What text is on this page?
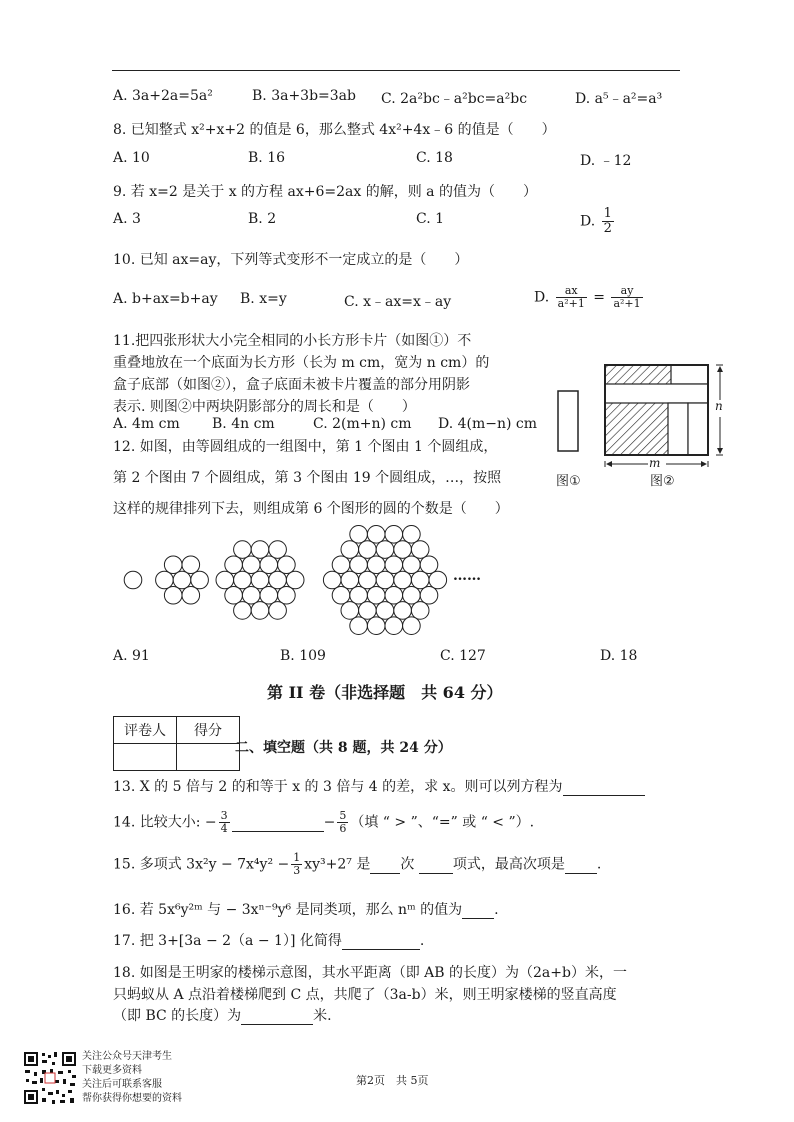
A. 3a+2a=5a²	B. 3a+3b=3ab C. 2a²bc﹣a²bc=a²bc	D. a⁵﹣a²=a³
8. 已知整式 x²+x+2 的值是 6，那么整式 4x²+4x﹣6 的值是（　　）
A. 10	B. 16	C. 18	D. ﹣12
9. 若 x=2 是关于 x 的方程 ax+6=2ax 的解，则 a 的值为（　　）
A. 3	B. 2	C. 1	D. $\frac{1}{2}$
10. 已知 ax=ay，下列等式变形不一定成立的是（　　）
A. b+ax=b+ay B. x=y	C. x﹣ax=x﹣ay	D. $\frac{ax}{\text{a²+1}} = \frac{ay}{\text{a²+1}}$
11.把四张形状大小完全相同的小长方形卡片（如图①）不
重叠地放在一个底面为长方形（长为 m cm，宽为 n cm）的
盒子底部（如图②），盒子底面未被卡片覆盖的部分用阴影
表示. 则图②中两块阴影部分的周长和是（　　）
A. 4m cm B. 4n cm	C. 2(m+n) cm D. 4(m−n) cm
n
m
图①	图②
12. 如图，由等圆组成的一组图中，第 1 个图由 1 个圆组成，
第 2 个图由 7 个圆组成，第 3 个图由 19 个圆组成，…，按照
这样的规律排列下去，则组成第 6 个图形的圆的个数是（　　）
……
A. 91	B. 109	C. 127	D. 18
第 II 卷（非选择题　共 64 分）
评卷人	得分

二、填空题（共 8 题，共 24 分）
13. X 的 5 倍与 2 的和等于 x 的 3 倍与 4 的差，求 x。则可以列方程为
14. 比较大小: − $\frac{3}{4}$	− $\frac{5}{6}$ （填 “ > ”、“=” 或 “ < ”）.
15. 多项式 $3x^2y - 7x^4y^2 - \frac{1}{3} xy^3+2^7$ 是 次	项式，最高次项是 .
16. 若 5x⁶y²ᵐ 与 − 3xⁿ⁻⁹y⁶ 是同类项，那么 nᵐ 的值为 .
17. 把 3+[3a − 2（a − 1）] 化简得	.
18. 如图是王明家的楼梯示意图，其水平距离（即 AB 的长度）为（2a+b）米，一
只蚂蚁从 A 点沿着楼梯爬到 C 点，共爬了（3a-b）米，则王明家楼梯的竖直高度
（即 BC 的长度）为	米.
关注公众号天津考生
下载更多资料
关注后可联系客服
帮你获得你想要的资料
第2页　共 5页
